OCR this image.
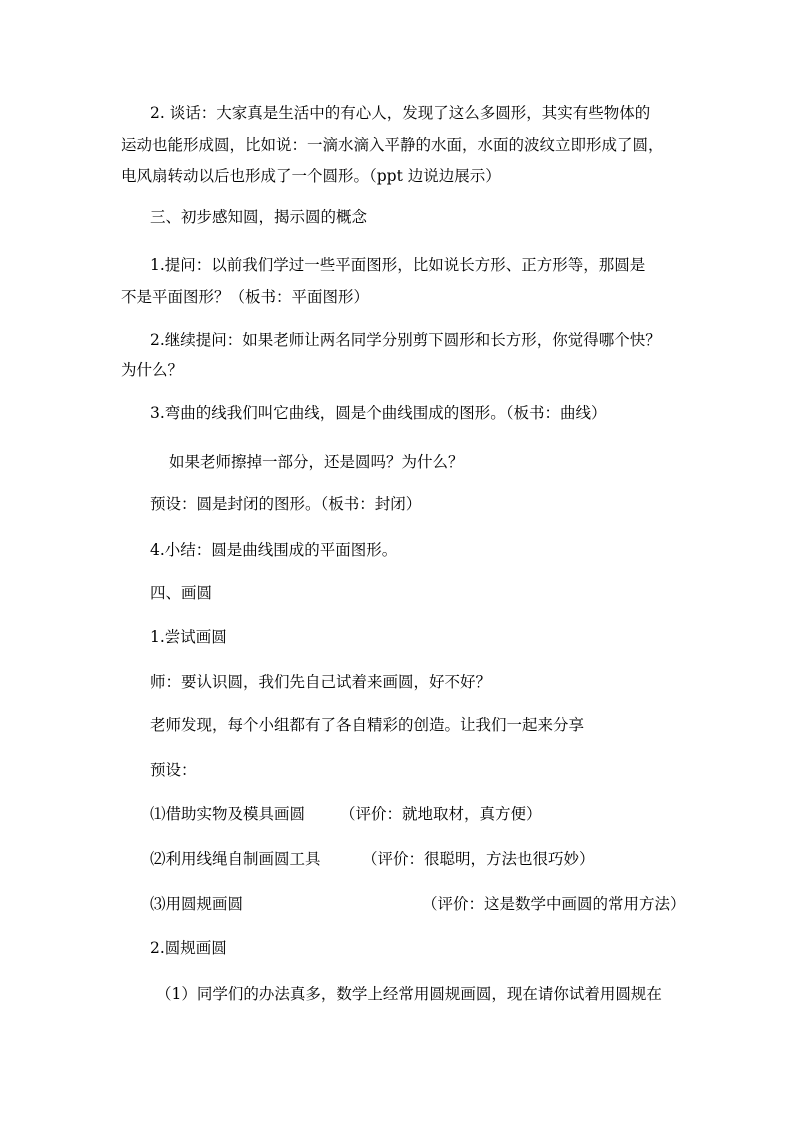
2. 谈话：大家真是生活中的有心人，发现了这么多圆形，其实有些物体的
运动也能形成圆，比如说：一滴水滴入平静的水面，水面的波纹立即形成了圆，
电风扇转动以后也形成了一个圆形。（ppt 边说边展示）
三、初步感知圆，揭示圆的概念
1.提问：以前我们学过一些平面图形，比如说长方形、正方形等，那圆是
不是平面图形？（板书：平面图形）
2.继续提问：如果老师让两名同学分别剪下圆形和长方形，你觉得哪个快？
为什么？
3.弯曲的线我们叫它曲线，圆是个曲线围成的图形。（板书：曲线）
如果老师擦掉一部分，还是圆吗？为什么？
预设：圆是封闭的图形。（板书：封闭）
4.小结：圆是曲线围成的平面图形。
四、画圆
1.尝试画圆
师：要认识圆，我们先自己试着来画圆，好不好？
老师发现，每个小组都有了各自精彩的创造。让我们一起来分享
预设：
⑴借助实物及模具画圆 （评价：就地取材，真方便）
⑵利用线绳自制画圆工具	（评价：很聪明，方法也很巧妙）
⑶用圆规画圆	（评价：这是数学中画圆的常用方法）
2.圆规画圆
（1）同学们的办法真多，数学上经常用圆规画圆，现在请你试着用圆规在
